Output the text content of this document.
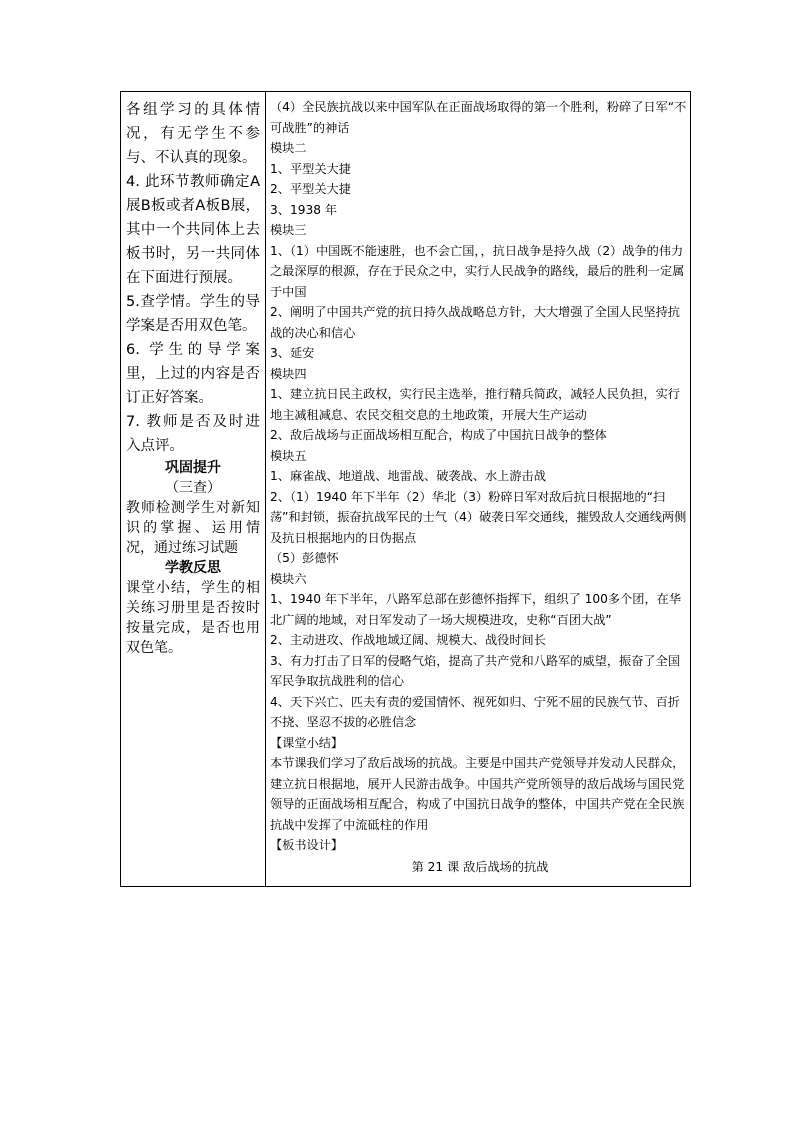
各组学习的具体情况，有无学生不参与、不认真的现象。

4. 此环节教师确定A展B板或者A板B展，其中一个共同体上去板书时，另一共同体在下面进行预展。

5.查学情。学生的导学案是否用双色笔。

6. 学生的导学案里，上过的内容是否订正好答案。

7. 教师是否及时进入点评。

巩固提升

（三查）

教师检测学生对新知识的掌握、运用情况，通过练习试题

学教反思

课堂小结，学生的相关练习册里是否按时按量完成，是否也用双色笔。

（4）全民族抗战以来中国军队在正面战场取得的第一个胜利，粉碎了日军“不可战胜”的神话

模块二

1、平型关大捷

2、平型关大捷

3、1938 年

模块三

1、（1）中国既不能速胜，也不会亡国，，抗日战争是持久战（2）战争的伟力之最深厚的根源，存在于民众之中，实行人民战争的路线，最后的胜利一定属于中国

2、阐明了中国共产党的抗日持久战战略总方针，大大增强了全国人民坚持抗战的决心和信心

3、延安

模块四

1、建立抗日民主政权，实行民主选举，推行精兵简政，减轻人民负担，实行地主减租减息、农民交租交息的土地政策，开展大生产运动

2、敌后战场与正面战场相互配合，构成了中国抗日战争的整体

模块五

1、麻雀战、地道战、地雷战、破袭战、水上游击战

2、（1）1940 年下半年（2）华北（3）粉碎日军对敌后抗日根据地的“扫荡”和封锁，振奋抗战军民的士气（4）破袭日军交通线，摧毁敌人交通线两侧及抗日根据地内的日伪据点

（5）彭德怀

模块六

1、1940 年下半年，八路军总部在彭德怀指挥下，组织了 100多个团，在华北广阔的地域，对日军发动了一场大规模进攻，史称“百团大战”

2、主动进攻、作战地域辽阔、规模大、战役时间长

3、有力打击了日军的侵略气焰，提高了共产党和八路军的威望，振奋了全国军民争取抗战胜利的信心

4、天下兴亡、匹夫有责的爱国情怀、视死如归、宁死不屈的民族气节、百折不挠、坚忍不拔的必胜信念

【课堂小结】

本节课我们学习了敌后战场的抗战。主要是中国共产党领导并发动人民群众，建立抗日根据地，展开人民游击战争。中国共产党所领导的敌后战场与国民党领导的正面战场相互配合，构成了中国抗日战争的整体，中国共产党在全民族抗战中发挥了中流砥柱的作用

【板书设计】

第 21 课 敌后战场的抗战
